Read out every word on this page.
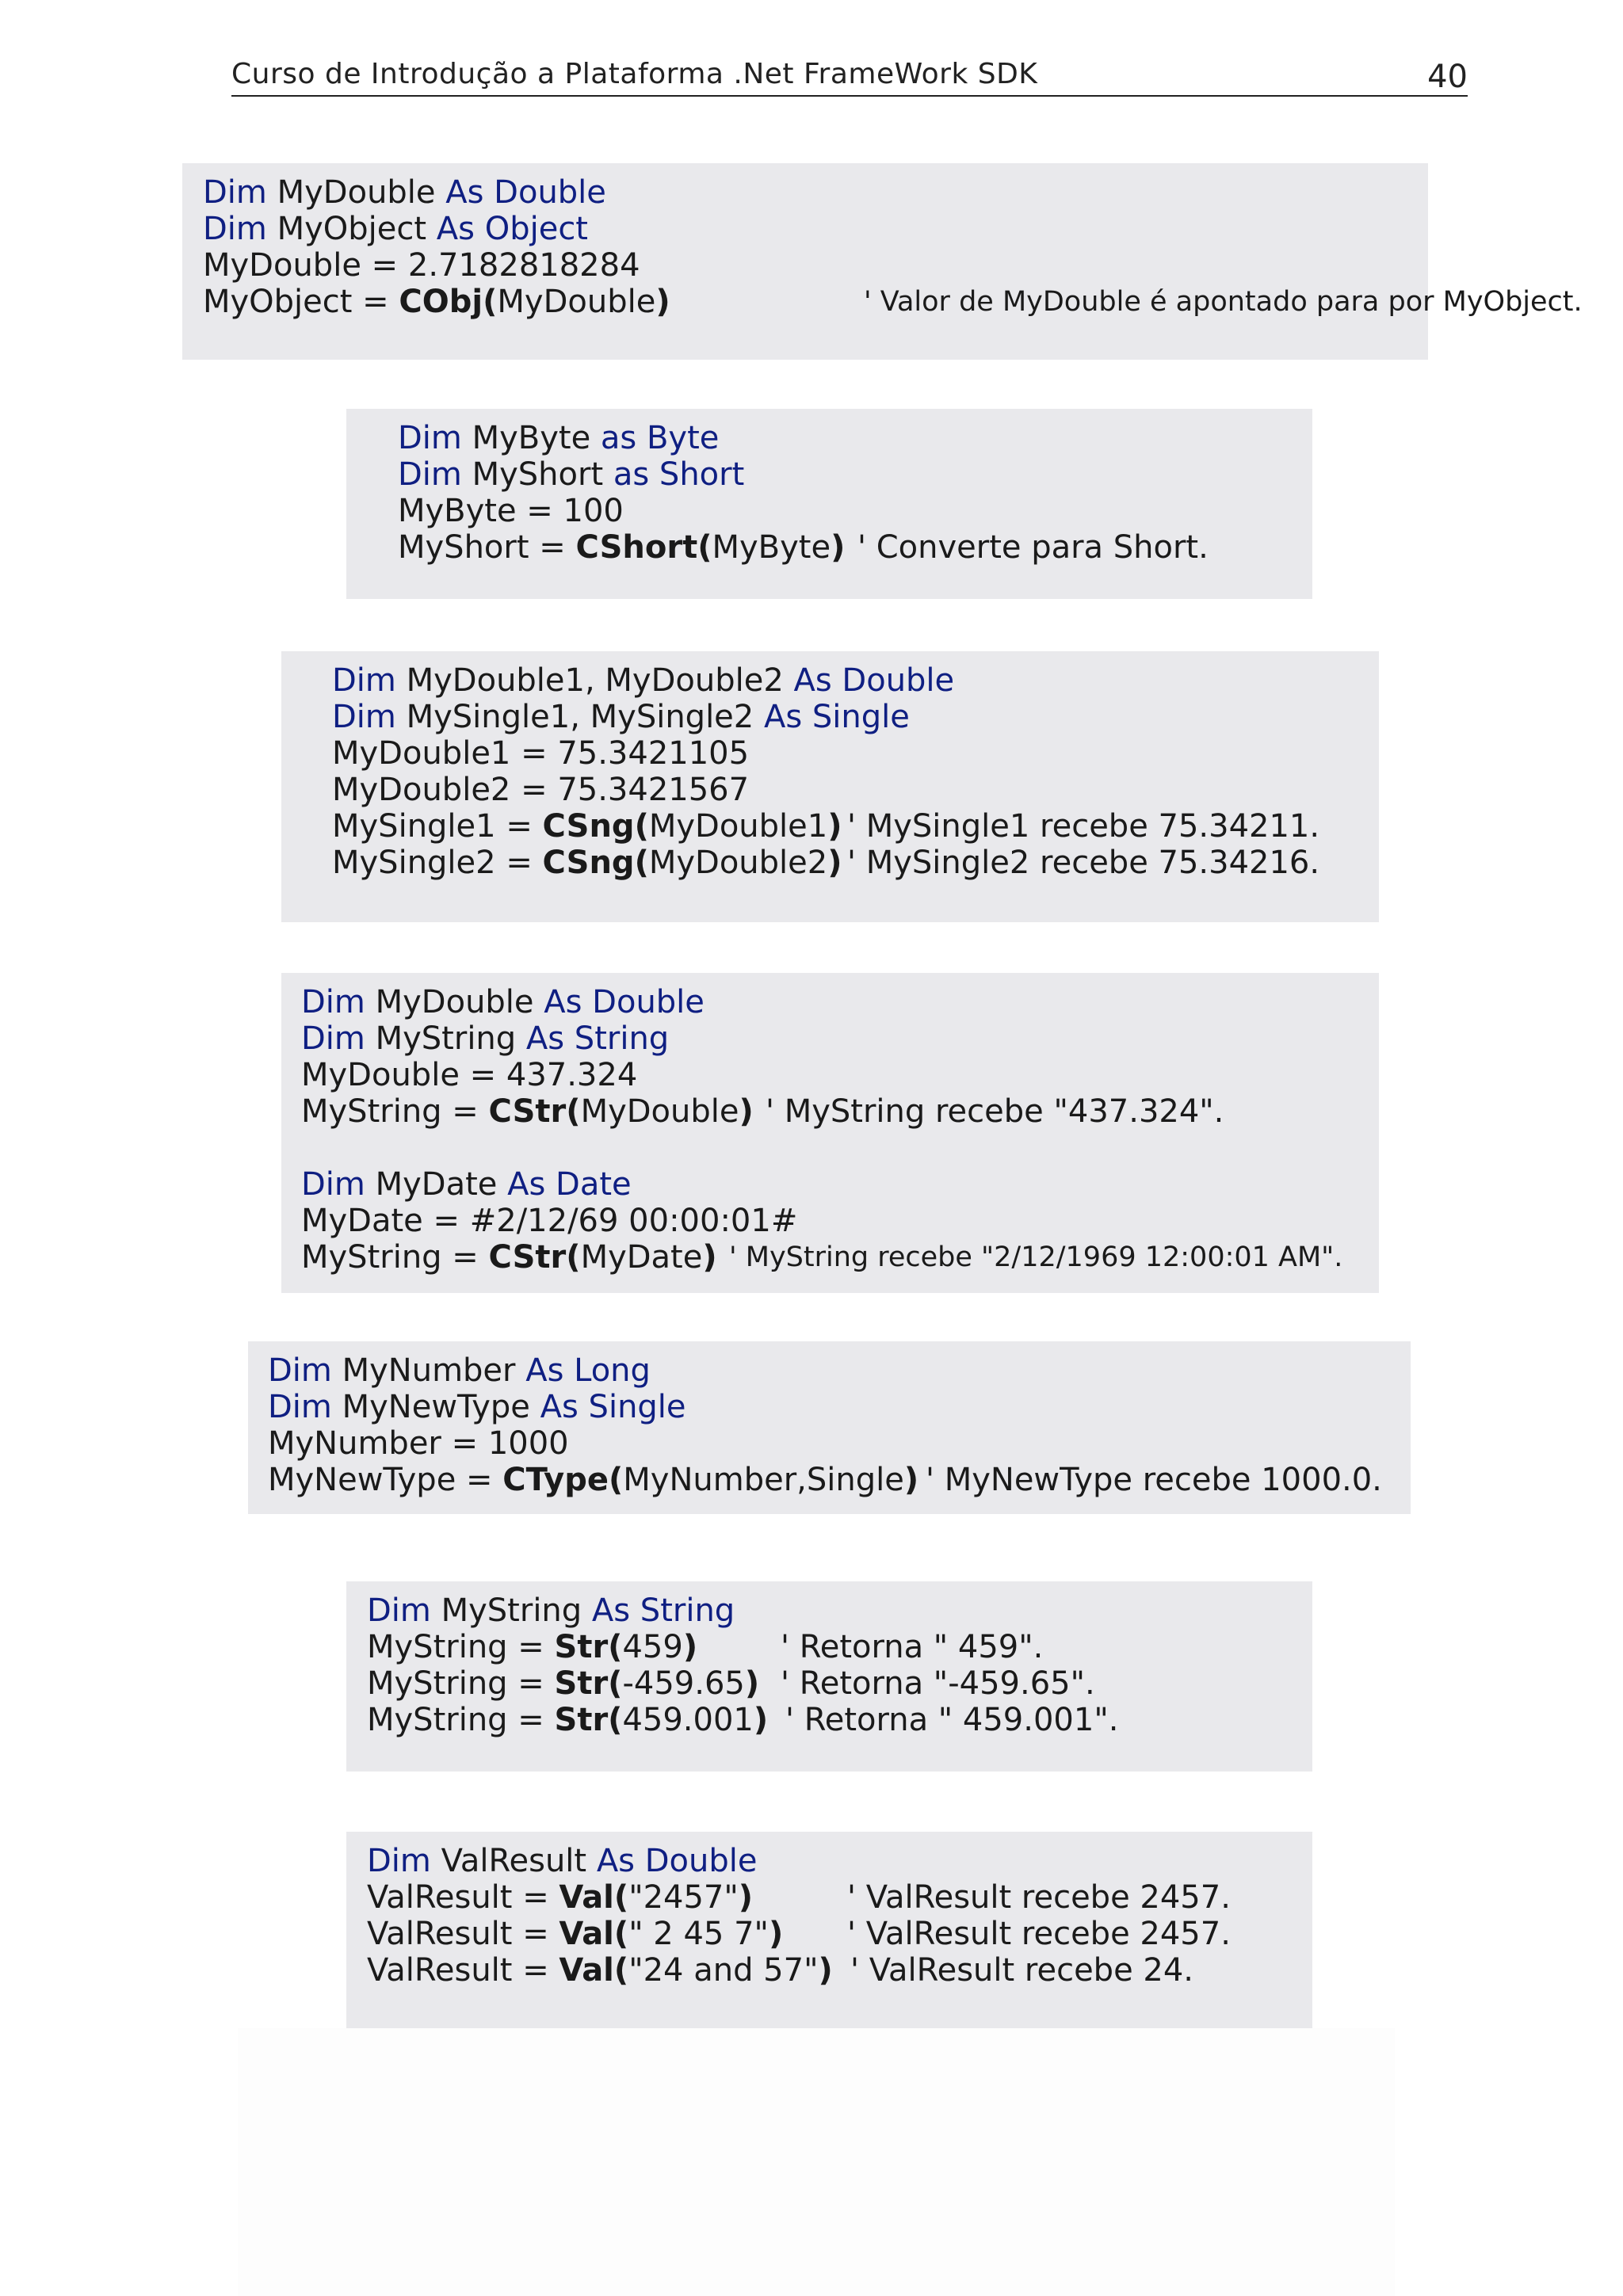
Curso de Introdução a Plataforma .Net FrameWork SDK	40
Dim MyDouble As Double
Dim MyObject As Object
MyDouble = 2.7182818284
MyObject = CObj(MyDouble)	' Valor de MyDouble é apontado para por MyObject.
Dim MyByte as Byte
Dim MyShort as Short
MyByte = 100
MyShort = CShort(MyByte) ' Converte para Short.
Dim MyDouble1, MyDouble2 As Double
Dim MySingle1, MySingle2 As Single
MyDouble1 = 75.3421105
MyDouble2 = 75.3421567
MySingle1 = CSng(MyDouble1) ' MySingle1 recebe 75.34211.
MySingle2 = CSng(MyDouble2) ' MySingle2 recebe 75.34216.
Dim MyDouble As Double
Dim MyString As String
MyDouble = 437.324
MyString = CStr(MyDouble) ' MyString recebe "437.324".
Dim MyDate As Date
MyDate = #2/12/69 00:00:01#
MyString = CStr(MyDate) ' MyString recebe "2/12/1969 12:00:01 AM".
Dim MyNumber As Long
Dim MyNewType As Single
MyNumber = 1000
MyNewType = CType(MyNumber,Single) ' MyNewType recebe 1000.0.
Dim MyString As String
MyString = Str(459)	' Retorna " 459".
MyString = Str(-459.65) ' Retorna "-459.65".
MyString = Str(459.001) ' Retorna " 459.001".
Dim ValResult As Double
ValResult = Val("2457")	' ValResult recebe 2457.
ValResult = Val(" 2 45 7") ' ValResult recebe 2457.
ValResult = Val("24 and 57") ' ValResult recebe 24.
